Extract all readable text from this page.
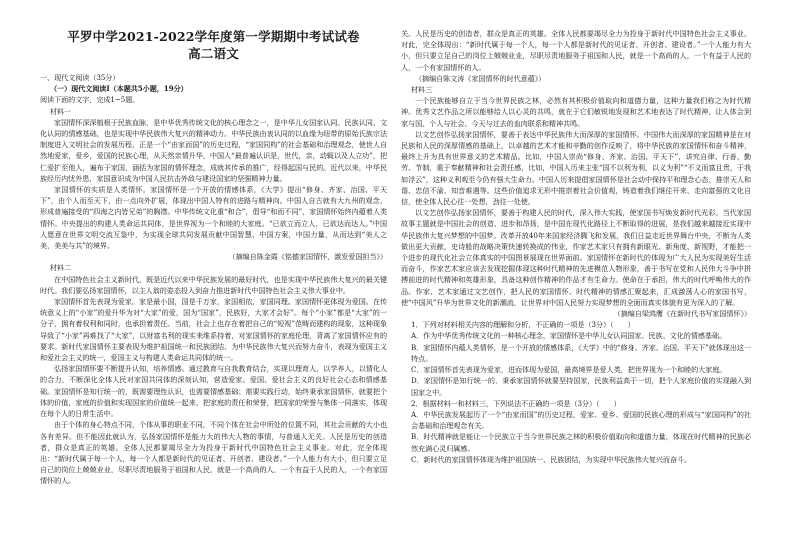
平罗中学2021-2022学年度第一学期期中考试试卷
高二语文
一、现代文阅读（35分）
（一）现代文阅读Ⅰ（本题共5小题，19分）
阅读下面的文字，完成1~5题。
材料一
家国情怀深深植根于民族血脉，是中华优秀传统文化的核心理念之一，是中华儿女国家认同、民族认同、文化认同的情感基础，也是实现中华民族伟大复兴的精神动力。中华民族由衷认同的以血缘为纽带的原始氏族宗法制度进入文明社会的发展历程，正是一个“由家而国”的历史过程，“家国同构”的社会基础和治理观念，使世人自然地爱家，爱乡，爱国的民族心理，从天然亲情升华，中国人“最普遍认识是，世代，亲，动辄以及人立功”，把仁爱扩至他人，遍布于家国，涵括为家国的情怀理念，成就其传承的推广，经得起国与民的。近代以来，中华民族经历内忧外患，家国意识成为中国人民抗击外敌与建设国家的坚强精神力量。
家国情怀的实质是人类情怀。家国情怀是一个开放的情感体系，《大学》提出“修身、齐家、治国、平天下”，由个人而至天下，由一点向外扩展，体现出中国人特有的进路与精神向。中国人自古就有大九州的观念，形成普遍接受的“四海之内皆兄弟”的胸襟。中华传统文化重“和合”，倡导“和而不同”，家国情怀始终内蕴着人类情怀。中央提出的构建人类命运共同体，是世界视为一个和睦的大家庭。“已欲立而立人，已欲达而达人。”中国人愿意在世界文明交流互鉴中，为实现全球共同发展贡献中国智慧、中国方案，中国力量，从而达到“美人之美，美美与共”的境界。
（摘编自陈金霞《铭德家国情怀，激发爱国担当》）
材料二
在中国特色社会主义新时代，既是近代以来中华民族发展的最好时代，也是实现中华民族伟大复兴的最关键时代。我们要弘扬家国情怀，以主人翁的姿态投入到奋力推进新时代中国特色社会主义伟大事业中。
家国情怀首先表现为爱家。家是最小国，国是千万家，家国相依，家国同理。家国情怀更体现为爱国。在传统意义上的“小家”的爱升华为对“大家”的爱，国为“国家”，民族好，大家才会好”。每个“小家”都是“大家”的一分子，拥有着权利和同时，也承担着责任。当前，社会上也存在着把自己的“短视”范畴而建构的现象，这种现象导致了“小家”再难找了“大家”，以财富名利的现实来维系持着，对家国情怀的家庭伦理，背离了家国情怀应有的要求。新时代家国情怀主要表现为维护祖国统一和民族团结、为中华民族伟大复兴而努力奋斗，表现为爱国主义和爱社会主义的统一，爱国主义与构建人类命运共同体的统一。
弘扬家国情怀要不断提升认知，培养情感。通过教育与自我教育结合，实现以理育人，以学养人，以情化人的合力，不断深化全体人民对家国共同体的深刻认知，营造爱家、爱国、爱社会主义的良好社会心态和情感基础。家国情怀是知行统一的，既需要理性认识，也需要情感基础；需要实践行动，始终秉承家国情怀，就要把个体的价值，家庭的价值和实现国家的价值统一起来，把家庭的责任和荣誉，把国家的荣誉与集体一同落实，体现在每个人的日常生活中。
由于个体的身心特点不同，个体从事的职业不同，不同个体在社会中所处的位置不同，其社会贡献的大小也各有差异。但不能因此就认为，弘扬家国情怀是能力大的伟大人物的事情，与普通人无关。人民是历史的创造者，群众是真正的英雄。全体人民都要竭尽全力为投身于新时代中国特色社会主义事业。对此，完全体现出：“新时代属于每一个人，每一个人都是新时代的见证者、开创者、建设者。”一个人能力有大小，但只要立足自己的岗位上兢兢业业，尽职尽责地服务于祖国和人民，就是一个高尚的人，一个有益于人民的人，一个有家国情怀的人。
关。人民是历史的创造者，群众是真正的英雄。全体人民都要竭尽全力为投身于新时代中国特色社会主义事业。对此，完全体现出：“新时代属于每一个人，每一个人都是新时代的见证者、开创者、建设者。”一个人能力有大小，但只要立足自己的岗位上兢兢业业，尽职尽责地服务于祖国和人民，就是一个高尚的人，一个有益于人民的人，一个有家国情怀的人。
（摘编自陈文涛《家国情怀的时代意蕴》）
材料三
一个民族能够自立于当今世界民族之林，必然有其积极价值取向和道德力量，这种力量我们称之为时代精神。优秀文艺作品之所以能够给人以心灵的共鸣，就在于它们敏锐地发现和艺术地表达了时代精神，让人体会到家与国、个人与社会、今天与过去的血肉联系和精神共鸣。
以文艺创作弘扬家国情怀，要善于表达中华民族伟大而深厚的家国情怀。中国伟大而深厚的家国精神是在对民族和人民的深厚情感的基础上，以卓越的艺术才能和辛勤的创作反映了，将中华民族的家国情怀和奋斗精神，最终上升为具有世界意义的艺术精品。比如，中国人崇尚“修身、齐家、治国、平天下”，讲究自律、行善、勤劳、节制，重于奉献精神和社会责任感，比如，中国人历来主张“国不以利为利，以义为利”“不义而富且贵，于我如浮云”，这种义利观至今仍有强大生命力。中国人历来提倡家国情怀是社会动中保持平和理念心态，推崇天人和谐、忠信不渝、知音难遇等。这些价值追求无形中推崇着社会价值观，铸造着我们继往开来、走向富强的文化自信，使全体人民心往一处想，劲往一处使。
以文艺创作弘扬家国情怀，要善于构建人民的时代，深入伟大实践，使家国书写焕发新时代光彩。当代家国故事主题就是中国社会的创造、进步和昂扬，是中国在现代化路径上不断取得的进展，是我们越来越接近实现中华民族伟大复兴梦想的中国梦。改革开放40年来国家经济腾飞和发展，我们日益走近世界舞台中央，不断为人类做出更大贡献，史诗般的战略决策快速转换成的伟业，作家艺术家只有拥有新眼光、新角度、新视野，才能把一个进步的现代化社会立体真实的中国图景展现在世界面前。家国情怀在新时代的体现为广大人民为实现美好生活而奋斗，作家艺术家应该去发现挖掘体现这种时代精神的先进模范人物形象，善于书写在党和人民伟大斗争中拼搏前进的时代精神和英雄形象，具备这种创作精神的作品才有生命力。使命在于承担，伟大的时代呼唤伟大的作品。作家、艺术家通过文艺创作，把人民的家国情怀、时代精神的情感汇聚起来，汇成激荡人心的家国书写，使“中国风”升华为世界文化的新潮流，让世界对中国人民努力实现梦想的全面而真实体貌有更为深入的了解。
（摘编自梁鸿鹰《在新时代书写家国情怀》）
1．下列对材料相关内容的理解和分析，不正确的一项是（3分）（　　）
A．作为中华优秀传统文化的一种核心理念，家国情怀是中华儿女认同国家、民族、文化的情感基础。
B．家国情怀内蕴人类情怀，是一个开放的情感体系，《大学》中的“修身、齐家、治国、平天下”就体现出这一特点。
C．家国情怀首先表现为爱家，进而体现为爱国，最高境界是爱人类，把世界视为一个和睦的大家庭。
D．家国情怀是知行统一的，秉承家国情怀就要坚持国家，民族利益高于一切，把个人家庭价值的实现融入到国家之中。
2．根据材料一和材料三，下列说法不正确的一项是（3分）（　　）
A．中华民族发展起历了一个“由家而国”的历史过程，爱家、爱乡、爱国的民族心理的形成与“家国同构”的社会基础和治理观念有关。
B．时代精神就是能让一个民族立于当今世界民族之林的积极价值取向和道德力量，体现在时代精神的民族必然充满心灵归属感。
C．新时代的家国情怀体现为维护祖国统一、民族团结，为实现中华民族伟大复兴而奋斗。
